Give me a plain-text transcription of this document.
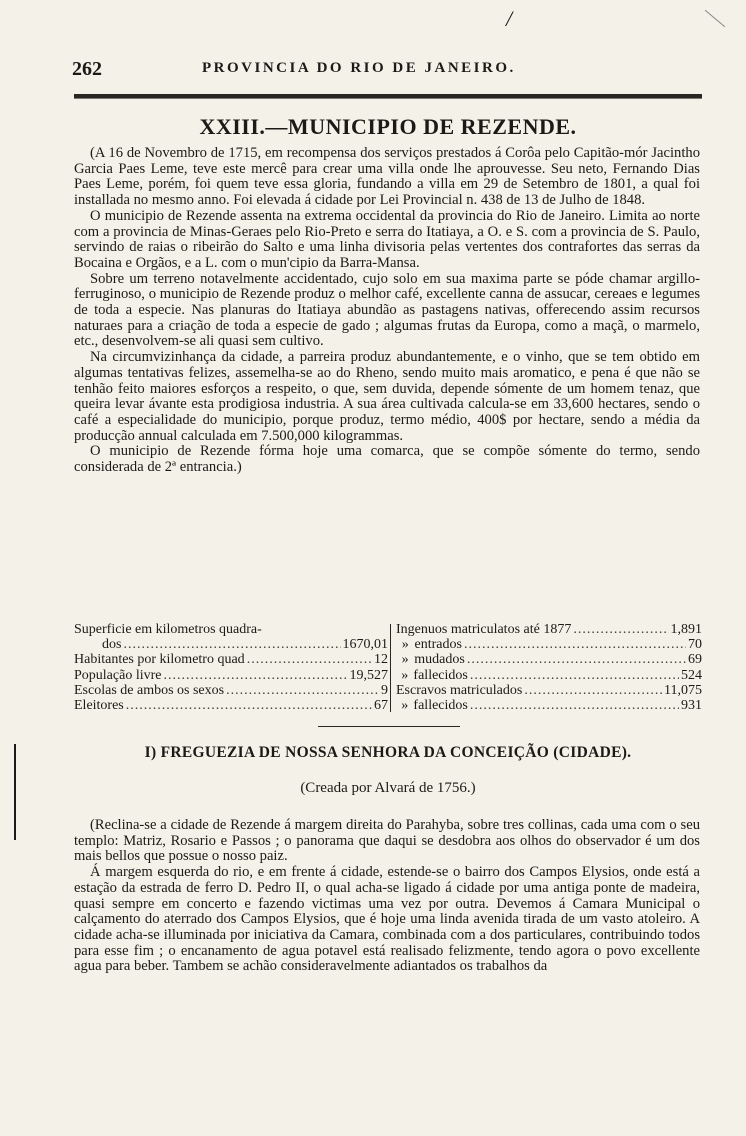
/
262	PROVINCIA DO RIO DE JANEIRO.
XXIII.—MUNICIPIO DE REZENDE.

(A 16 de Novembro de 1715, em recompensa dos serviços prestados á Corôa pelo Capitão-mór Jacintho Garcia Paes Leme, teve este mercê para crear uma villa onde lhe aprouvesse. Seu neto, Fernando Dias Paes Leme, porém, foi quem teve essa gloria, fundando a villa em 29 de Setembro de 1801, a qual foi installada no mesmo anno. Foi elevada á cidade por Lei Provincial n. 438 de 13 de Julho de 1848.

O municipio de Rezende assenta na extrema occidental da provincia do Rio de Janeiro. Limita ao norte com a provincia de Minas-Geraes pelo Rio-Preto e serra do Itatiaya, a O. e S. com a provincia de S. Paulo, servindo de raias o ribeirão do Salto e uma linha divisoria pelas vertentes dos contrafortes das serras da Bocaina e Orgãos, e a L. com o mun'cipio da Barra-Mansa.

Sobre um terreno notavelmente accidentado, cujo solo em sua maxima parte se póde chamar argillo-ferruginoso, o municipio de Rezende produz o melhor café, excellente canna de assucar, cereaes e legumes de toda a especie. Nas planuras do Itatiaya abundão as pastagens nativas, offerecendo assim recursos naturaes para a criação de toda a especie de gado ; algumas frutas da Europa, como a maçã, o marmelo, etc., desenvolvem-se ali quasi sem cultivo.

Na circumvizinhança da cidade, a parreira produz abundantemente, e o vinho, que se tem obtido em algumas tentativas felizes, assemelha-se ao do Rheno, sendo muito mais aromatico, e pena é que não se tenhão feito maiores esforços a respeito, o que, sem duvida, depende sómente de um homem tenaz, que queira levar ávante esta prodigiosa industria. A sua área cultivada calcula-se em 33,600 hectares, sendo o café a especialidade do municipio, porque produz, termo médio, 400$ por hectare, sendo a média da producção annual calculada em 7.500,000 kilogrammas.

O municipio de Rezende fórma hoje uma comarca, que se compõe sómente do termo, sendo considerada de 2ª entrancia.)

Superficie em kilometros quadra-
dos .....	1670,01
Habitantes por kilometro quad .....	12
População livre .....	19,527
Escolas de ambos os sexos .....	9
Eleitores .....	67
Ingenuos matriculatos até 1877 .....	1,891
» entrados .....	70
» mudados .....	69
» fallecidos .....	524
Escravos matriculados .....	11,075
» fallecidos .....	931
I) FREGUEZIA DE NOSSA SENHORA DA CONCEIÇÃO (CIDADE).
(Creada por Alvará de 1756.)

(Reclina-se a cidade de Rezende á margem direita do Parahyba, sobre tres collinas, cada uma com o seu templo: Matriz, Rosario e Passos ; o panorama que daqui se desdobra aos olhos do observador é um dos mais bellos que possue o nosso paiz.

Á margem esquerda do rio, e em frente á cidade, estende-se o bairro dos Campos Elysios, onde está a estação da estrada de ferro D. Pedro II, o qual acha-se ligado á cidade por uma antiga ponte de madeira, quasi sempre em concerto e fazendo victimas uma vez por outra. Devemos á Camara Municipal o calçamento do aterrado dos Campos Elysios, que é hoje uma linda avenida tirada de um vasto atoleiro. A cidade acha-se illuminada por iniciativa da Camara, combinada com a dos particulares, contribuindo todos para esse fim ; o encanamento de agua potavel está realisado felizmente, tendo agora o povo excellente agua para beber. Tambem se achão consideravelmente adiantados os trabalhos da
